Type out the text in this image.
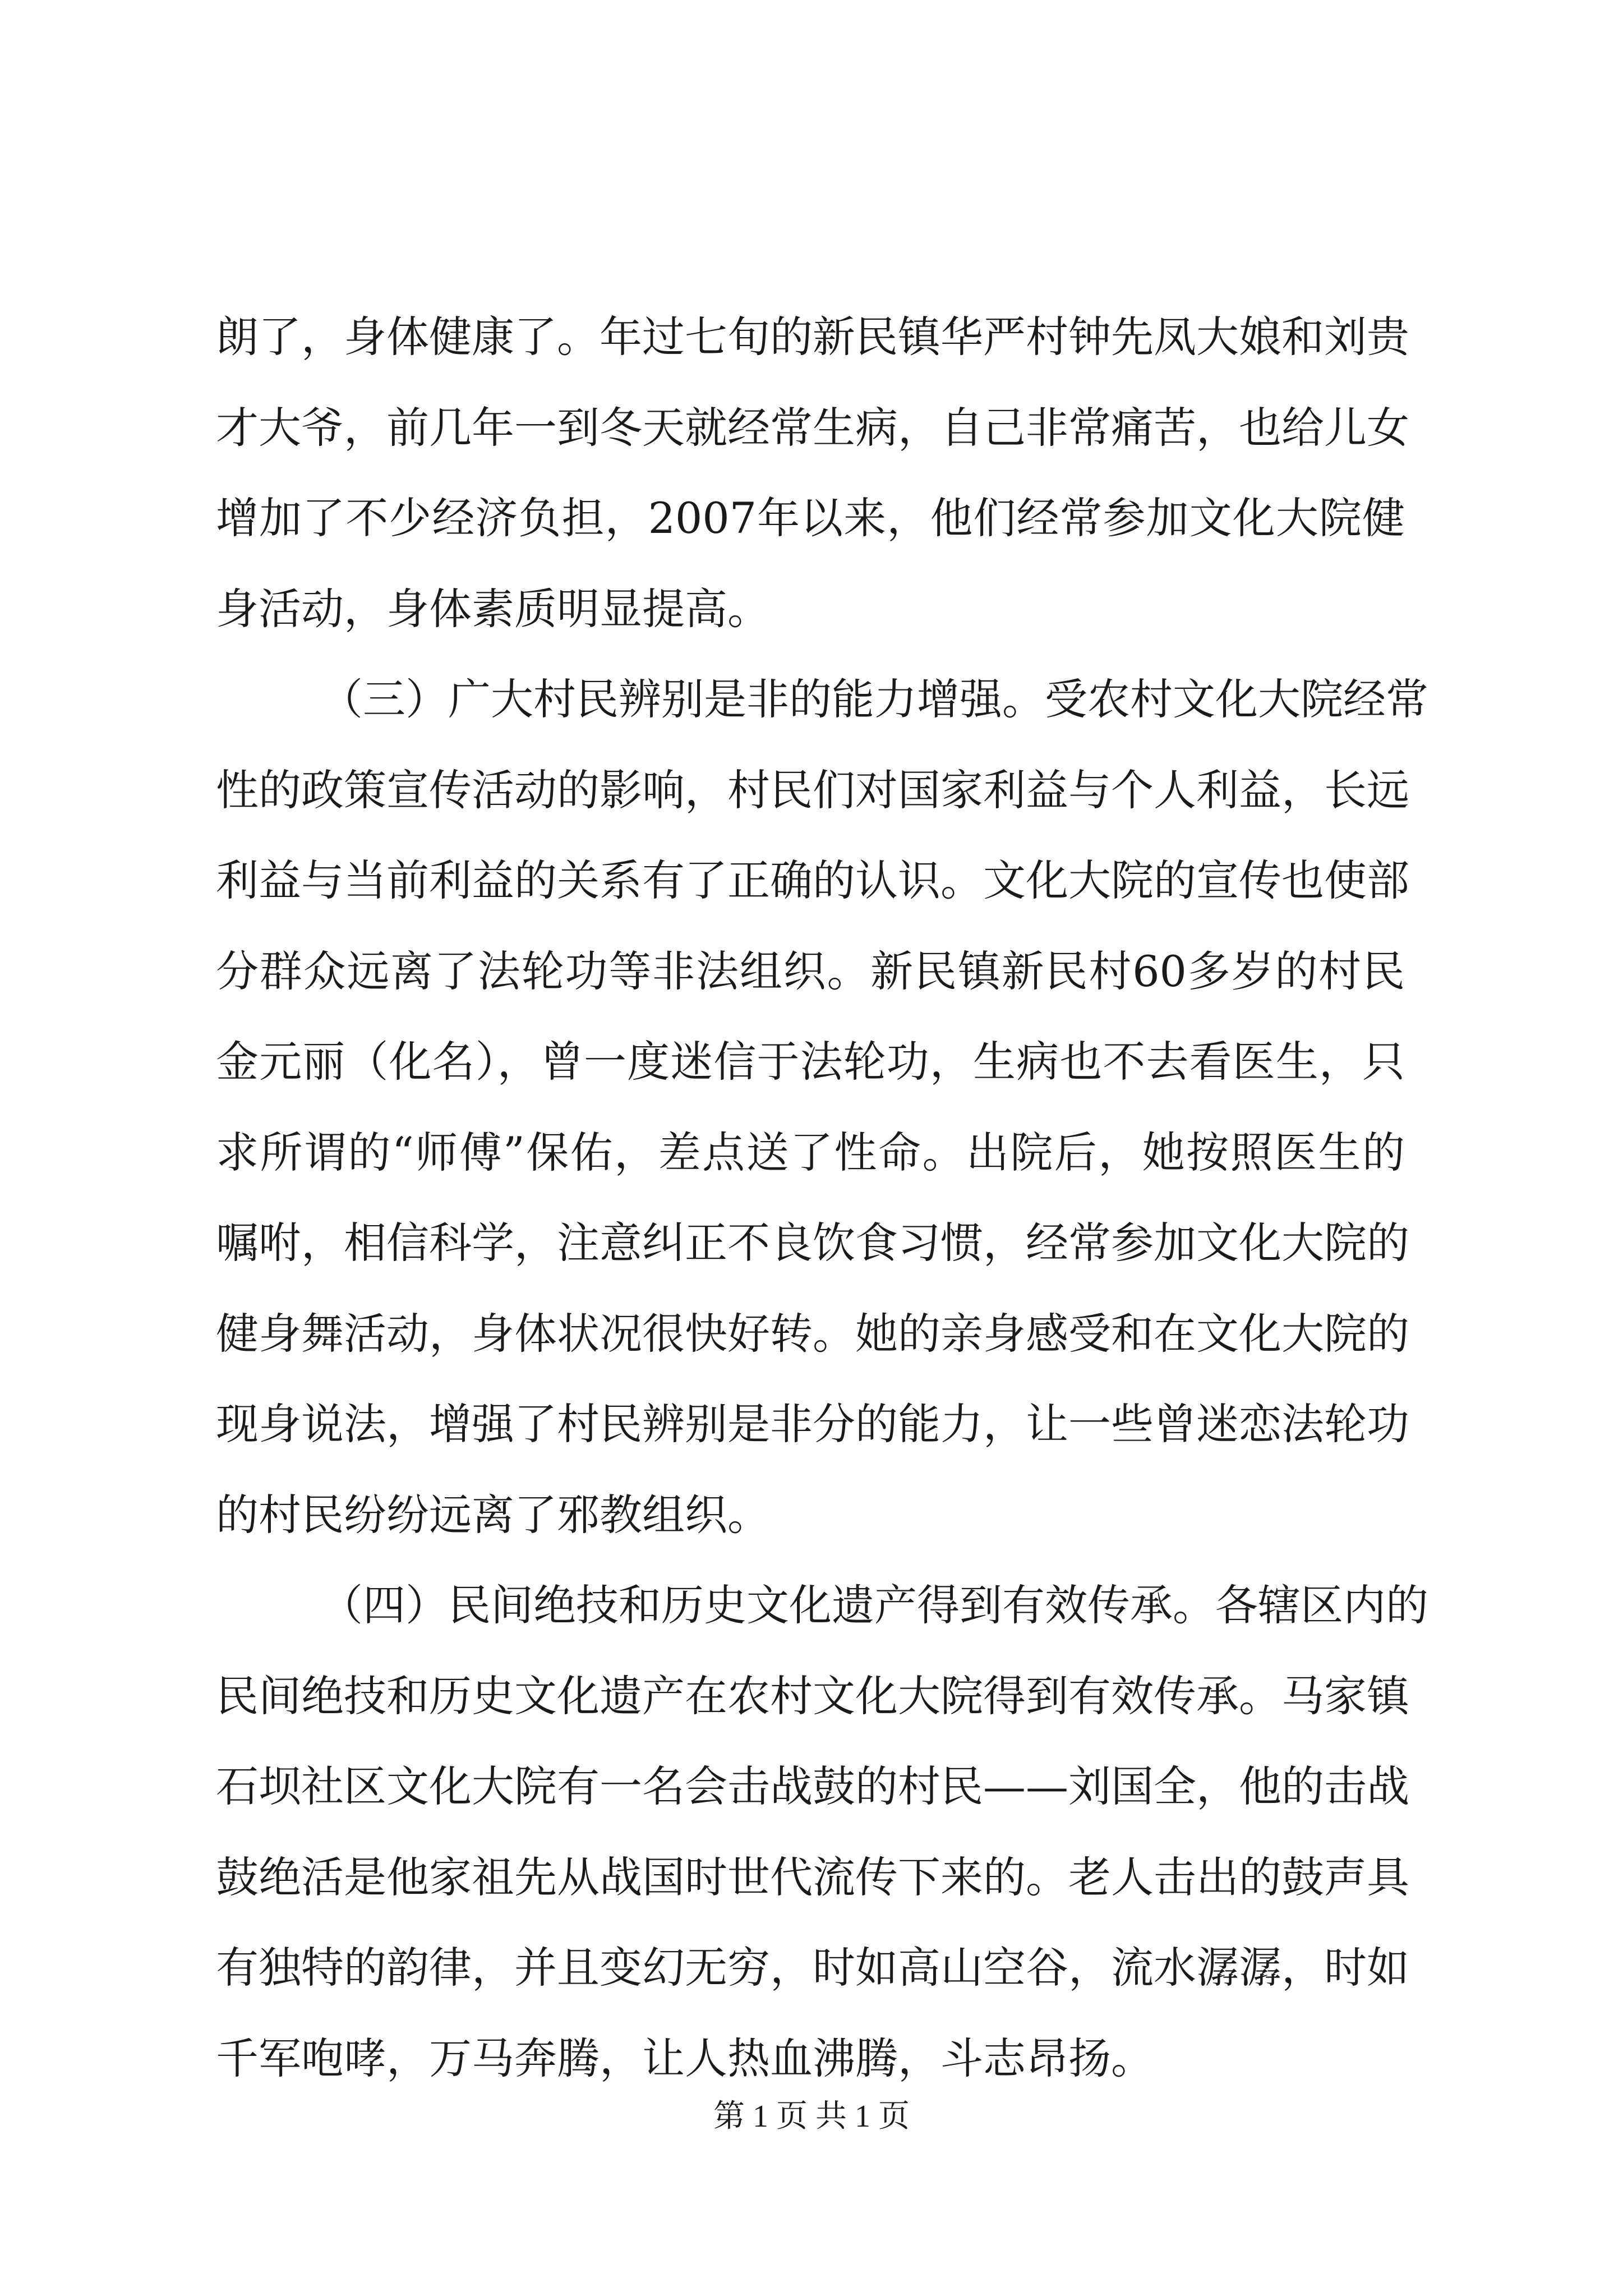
朗了，身体健康了。年过七旬的新民镇华严村钟先凤大娘和刘贵
才大爷，前几年一到冬天就经常生病，自己非常痛苦，也给儿女
增加了不少经济负担，2007年以来，他们经常参加文化大院健
身活动，身体素质明显提高。
（三）广大村民辨别是非的能力增强。受农村文化大院经常
性的政策宣传活动的影响，村民们对国家利益与个人利益，长远
利益与当前利益的关系有了正确的认识。文化大院的宣传也使部
分群众远离了法轮功等非法组织。新民镇新民村60多岁的村民
金元丽（化名），曾一度迷信于法轮功，生病也不去看医生，只
求所谓的“师傅”保佑，差点送了性命。出院后，她按照医生的
嘱咐，相信科学，注意纠正不良饮食习惯，经常参加文化大院的
健身舞活动，身体状况很快好转。她的亲身感受和在文化大院的
现身说法，增强了村民辨别是非分的能力，让一些曾迷恋法轮功
的村民纷纷远离了邪教组织。
（四）民间绝技和历史文化遗产得到有效传承。各辖区内的
民间绝技和历史文化遗产在农村文化大院得到有效传承。马家镇
石坝社区文化大院有一名会击战鼓的村民——刘国全，他的击战
鼓绝活是他家祖先从战国时世代流传下来的。老人击出的鼓声具
有独特的韵律，并且变幻无穷，时如高山空谷，流水潺潺，时如
千军咆哮，万马奔腾，让人热血沸腾，斗志昂扬。
第 1 页 共 1 页
